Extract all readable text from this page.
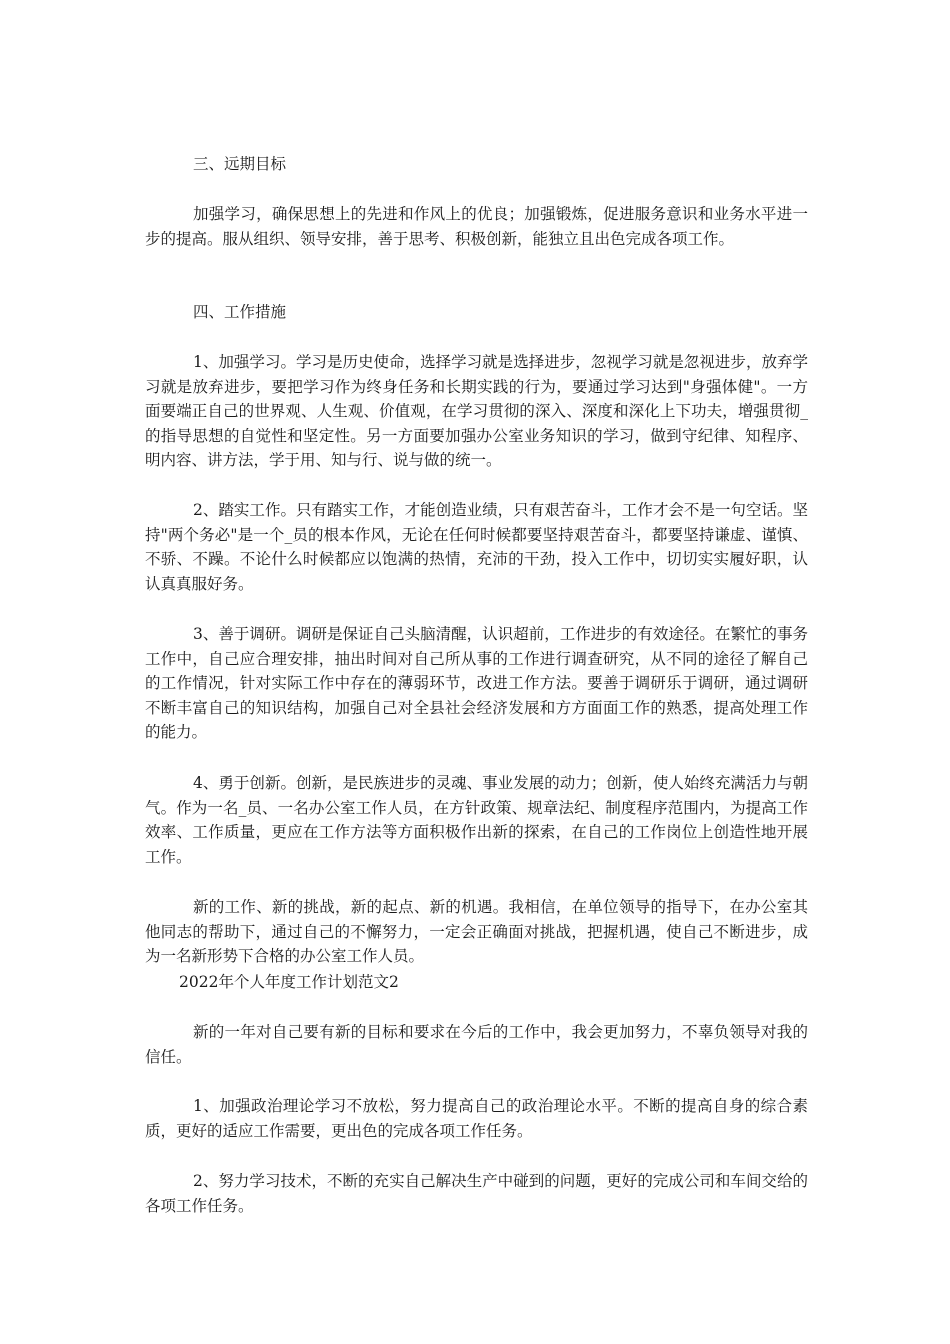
三、远期目标

加强学习，确保思想上的先进和作风上的优良；加强锻炼，促进服务意识和业务水平进一步的提高。服从组织、领导安排，善于思考、积极创新，能独立且出色完成各项工作。

四、工作措施

1、加强学习。学习是历史使命，选择学习就是选择进步，忽视学习就是忽视进步，放弃学习就是放弃进步，要把学习作为终身任务和长期实践的行为，要通过学习达到"身强体健"。一方面要端正自己的世界观、人生观、价值观，在学习贯彻的深入、深度和深化上下功夫，增强贯彻_的指导思想的自觉性和坚定性。另一方面要加强办公室业务知识的学习，做到守纪律、知程序、明内容、讲方法，学于用、知与行、说与做的统一。

2、踏实工作。只有踏实工作，才能创造业绩，只有艰苦奋斗，工作才会不是一句空话。坚持"两个务必"是一个_员的根本作风，无论在任何时候都要坚持艰苦奋斗，都要坚持谦虚、谨慎、不骄、不躁。不论什么时候都应以饱满的热情，充沛的干劲，投入工作中，切切实实履好职，认认真真服好务。

3、善于调研。调研是保证自己头脑清醒，认识超前，工作进步的有效途径。在繁忙的事务工作中，自己应合理安排，抽出时间对自己所从事的工作进行调查研究，从不同的途径了解自己的工作情况，针对实际工作中存在的薄弱环节，改进工作方法。要善于调研乐于调研，通过调研不断丰富自己的知识结构，加强自己对全县社会经济发展和方方面面工作的熟悉，提高处理工作的能力。

4、勇于创新。创新，是民族进步的灵魂、事业发展的动力；创新，使人始终充满活力与朝气。作为一名_员、一名办公室工作人员，在方针政策、规章法纪、制度程序范围内，为提高工作效率、工作质量，更应在工作方法等方面积极作出新的探索，在自己的工作岗位上创造性地开展工作。

新的工作、新的挑战，新的起点、新的机遇。我相信，在单位领导的指导下，在办公室其他同志的帮助下，通过自己的不懈努力，一定会正确面对挑战，把握机遇，使自己不断进步，成为一名新形势下合格的办公室工作人员。

2022年个人年度工作计划范文2

新的一年对自己要有新的目标和要求在今后的工作中，我会更加努力，不辜负领导对我的信任。

1、加强政治理论学习不放松，努力提高自己的政治理论水平。不断的提高自身的综合素质，更好的适应工作需要，更出色的完成各项工作任务。

2、努力学习技术，不断的充实自己解决生产中碰到的问题，更好的完成公司和车间交给的各项工作任务。
